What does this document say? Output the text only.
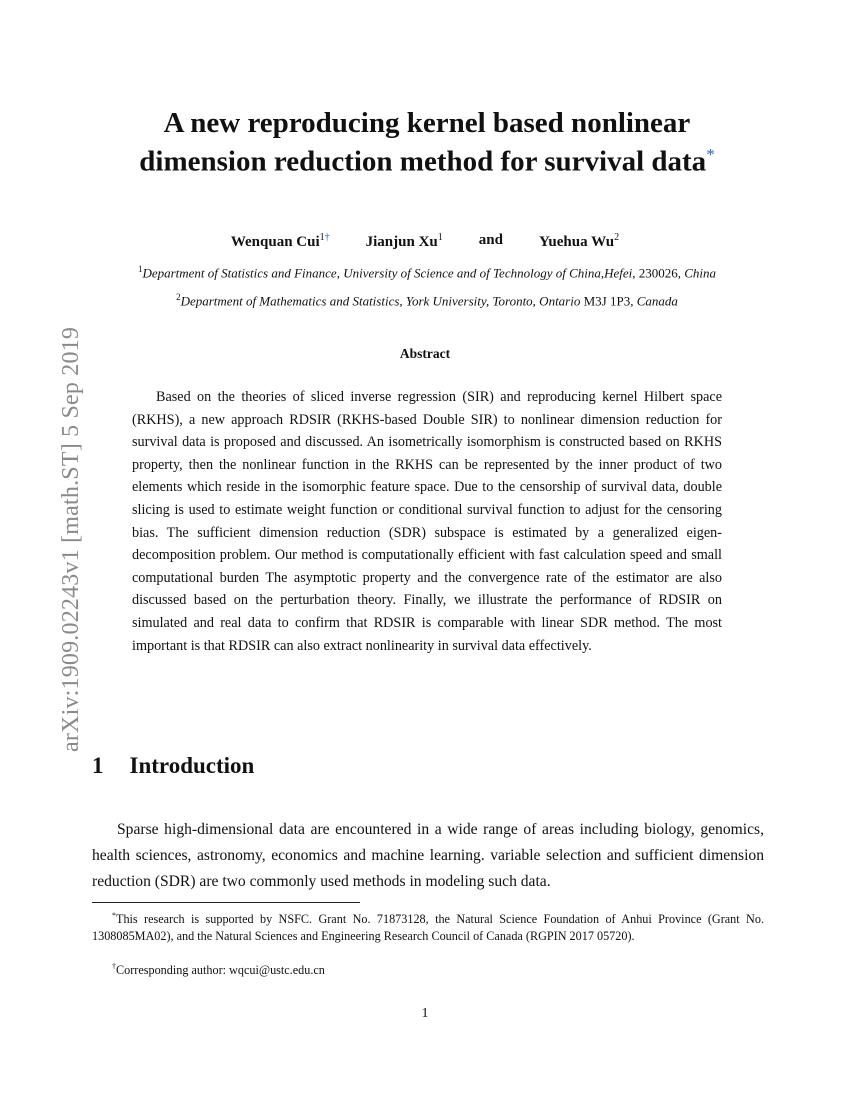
arXiv:1909.02243v1 [math.ST] 5 Sep 2019
A new reproducing kernel based nonlinear
dimension reduction method for survival data*
Wenquan Cui$^{1\dagger}$ Jianjun Xu$^1$ and Yuehua Wu$^2$
$^1$Department of Statistics and Finance, University of Science and of Technology of China,Hefei, 230026, China
$^2$Department of Mathematics and Statistics, York University, Toronto, Ontario M3J 1P3, Canada
Abstract

Based on the theories of sliced inverse regression (SIR) and reproducing kernel Hilbert space (RKHS), a new approach RDSIR (RKHS-based Double SIR) to nonlinear dimension reduction for survival data is proposed and discussed. An isometrically isomorphism is constructed based on RKHS property, then the nonlinear function in the RKHS can be represented by the inner product of two elements which reside in the isomorphic feature space. Due to the censorship of survival data, double slicing is used to estimate weight function or conditional survival function to adjust for the censoring bias. The sufficient dimension reduction (SDR) subspace is estimated by a generalized eigen-decomposition problem. Our method is computationally efficient with fast calculation speed and small computational burden The asymptotic property and the convergence rate of the estimator are also discussed based on the perturbation theory. Finally, we illustrate the performance of RDSIR on simulated and real data to confirm that RDSIR is comparable with linear SDR method. The most important is that RDSIR can also extract nonlinearity in survival data effectively.

1 Introduction

Sparse high-dimensional data are encountered in a wide range of areas including biology, genomics, health sciences, astronomy, economics and machine learning. variable selection and sufficient dimension reduction (SDR) are two commonly used methods in modeling such data.

*This research is supported by NSFC. Grant No. 71873128, the Natural Science Foundation of Anhui Province (Grant No. 1308085MA02), and the Natural Sciences and Engineering Research Council of Canada (RGPIN 2017 05720).

†Corresponding author: wqcui@ustc.edu.cn

1
